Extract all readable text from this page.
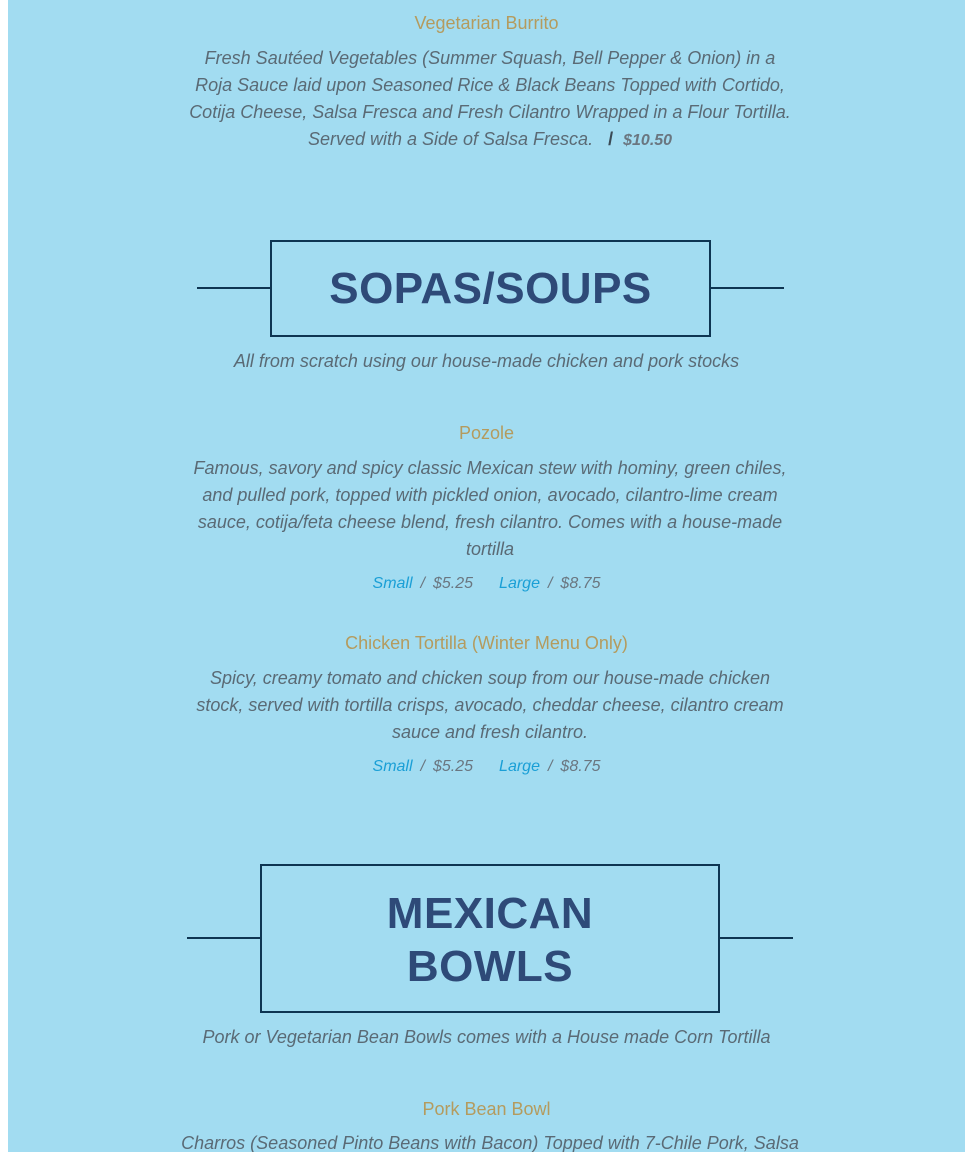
Vegetarian Burrito
Fresh Sautéed Vegetables (Summer Squash, Bell Pepper & Onion) in a Roja Sauce laid upon Seasoned Rice & Black Beans Topped with Cortido, Cotija Cheese, Salsa Fresca and Fresh Cilantro Wrapped in a Flour Tortilla. Served with a Side of Salsa Fresca. / $10.50
SOPAS/SOUPS
All from scratch using our house-made chicken and pork stocks
Pozole
Famous, savory and spicy classic Mexican stew with hominy, green chiles, and pulled pork, topped with pickled onion, avocado, cilantro-lime cream sauce, cotija/feta cheese blend, fresh cilantro. Comes with a house-made tortilla
Small / $5.25 Large / $8.75
Chicken Tortilla (Winter Menu Only)
Spicy, creamy tomato and chicken soup from our house-made chicken stock, served with tortilla crisps, avocado, cheddar cheese, cilantro cream sauce and fresh cilantro.
Small / $5.25 Large / $8.75
MEXICAN
BOWLS
Pork or Vegetarian Bean Bowls comes with a House made Corn Tortilla
Pork Bean Bowl
Charros (Seasoned Pinto Beans with Bacon) Topped with 7-Chile Pork, Salsa
